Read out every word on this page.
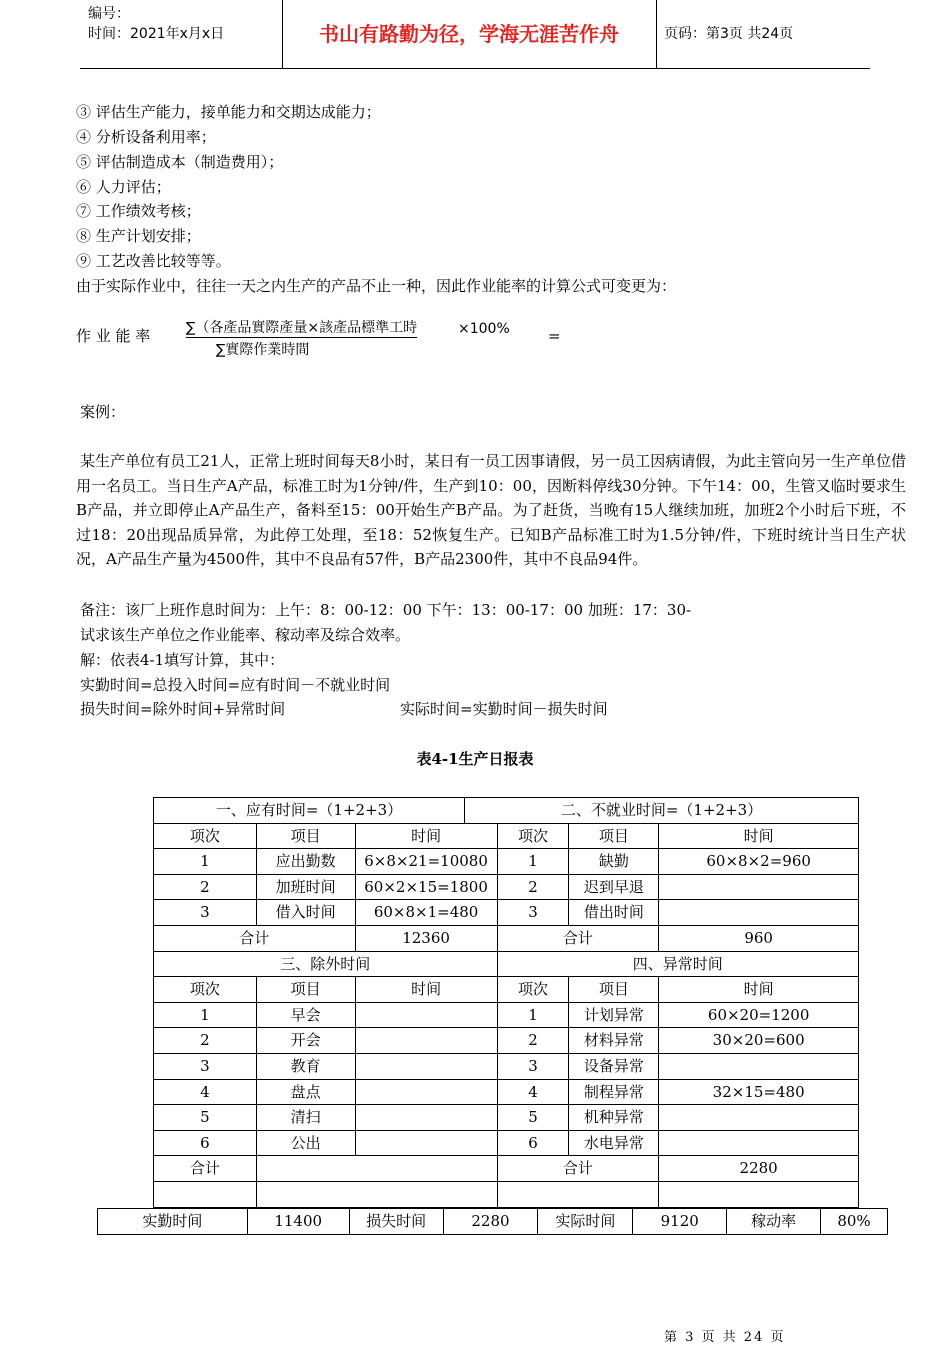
编号：
时间：2021年x月x日	书山有路勤为径，学海无涯苦作舟	页码：第3页 共24页
③ 评估生产能力，接单能力和交期达成能力；
④ 分析设备利用率；
⑤ 评估制造成本（制造费用）；
⑥ 人力评估；
⑦ 工作绩效考核；
⑧ 生产计划安排；
⑨ 工艺改善比较等等。
由于实际作业中，往往一天之内生产的产品不止一种，因此作业能率的计算公式可变更为：
作 业 能 率	∑（各產品實際產量×該產品標準工時
∑實際作業時間
×100%	=
案例：
某生产单位有员工21人，正常上班时间每天8小时，某日有一员工因事请假，另一员工因病请假，为此主管向另一生产单位借用一名员工。当日生产A产品，标准工时为1分钟/件，生产到10：00，因断料停线30分钟。下午14：00，生管又临时要求生B产品，并立即停止A产品生产，备料至15：00开始生产B产品。为了赶货，当晚有15人继续加班，加班2个小时后下班，不过18：20出现品质异常，为此停工处理，至18：52恢复生产。已知B产品标准工时为1.5分钟/件，下班时统计当日生产状况，A产品生产量为4500件，其中不良品有57件，B产品2300件，其中不良品94件。
备注：该厂上班作息时间为：上午：8：00-12：00 下午：13：00-17：00 加班：17：30-
试求该生产单位之作业能率、稼动率及综合效率。
解：依表4-1填写计算，其中：
实勤时间=总投入时间=应有时间－不就业时间
损失时间=除外时间+异常时间	实际时间=实勤时间－损失时间
表4-1生产日报表
一、应有时间=（1+2+3） 二、不就业时间=（1+2+3）					

项次	项目	时间	项次	项目	时间
1	应出勤数	6×8×21=10080	1	缺勤	60×8×2=960
2	加班时间	60×2×15=1800	2	迟到早退	
3	借入时间	60×8×1=480	3	借出时间	
合计		12360	合计		960
三、除外时间			四、异常时间		
项次	项目	时间	项次	项目	时间
1	早会		1	计划异常	60×20=1200
2	开会		2	材料异常	30×20=600
3	教育		3	设备异常	
4	盘点		4	制程异常	32×15=480
5	清扫		5	机种异常	
6	公出		6	水电异常	
合计			合计		2280

实勤时间	11400	损失时间	2280	实际时间	9120	稼动率	80%
第 3 页 共 24 页
